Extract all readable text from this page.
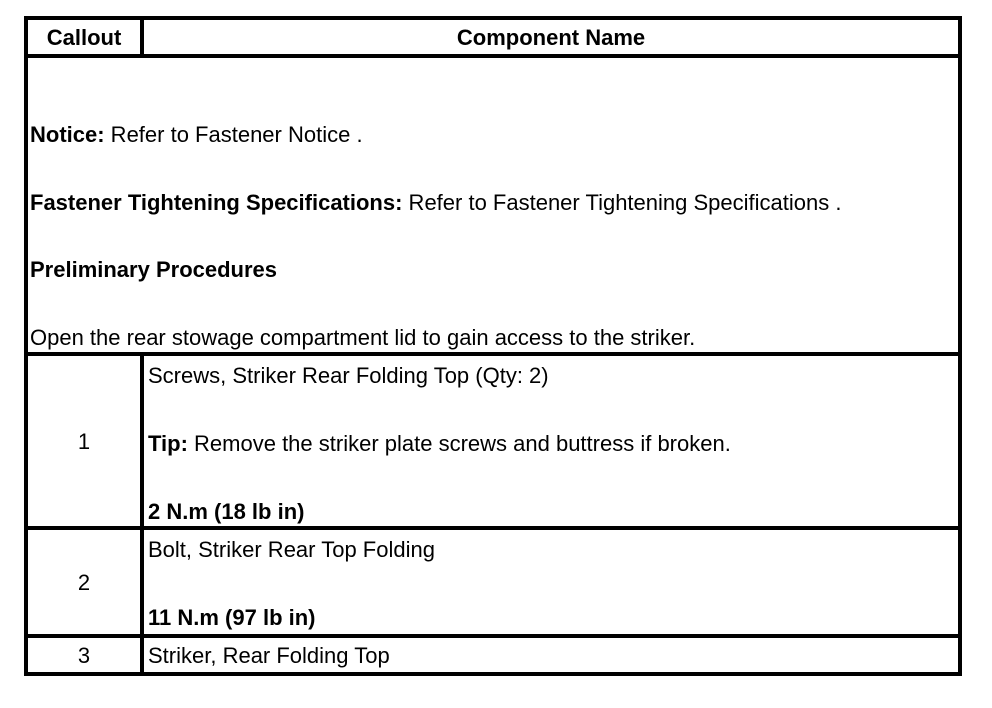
Callout	Component Name

Notice: Refer to Fastener Notice .
Fastener Tightening Specifications: Refer to Fastener Tightening Specifications .
Preliminary Procedures
Open the rear stowage compartment lid to gain access to the striker.	

1	Screws, Striker Rear Folding Top (Qty: 2)
Tip: Remove the striker plate screws and buttress if broken.
2 N.m (18 lb in)

2	Bolt, Striker Rear Top Folding
11 N.m (97 lb in)

3	Striker, Rear Folding Top
